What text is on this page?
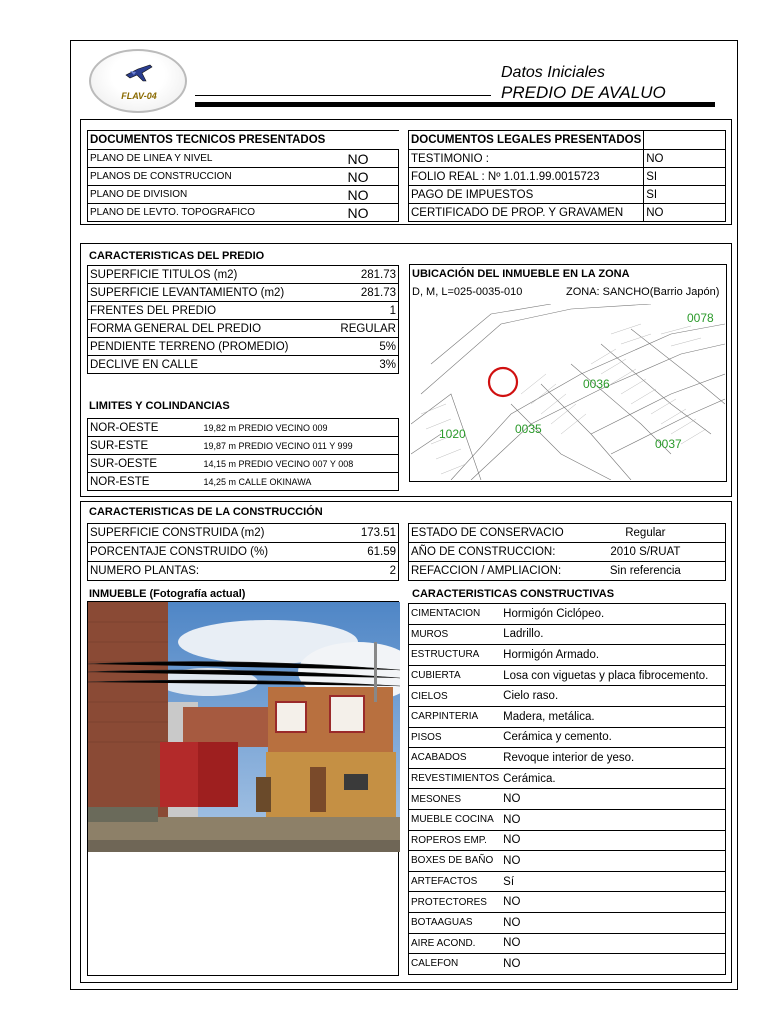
FLAV-04
Datos Iniciales
PREDIO DE AVALUO
DOCUMENTOS TECNICOS PRESENTADOS	
PLANO DE LINEA Y NIVEL	NO
PLANOS DE CONSTRUCCION	NO
PLANO DE DIVISION	NO
PLANO DE LEVTO. TOPOGRAFICO	NO
DOCUMENTOS LEGALES PRESENTADOS	
TESTIMONIO :	NO
FOLIO REAL : Nº 1.01.1.99.0015723	SI
PAGO DE IMPUESTOS	SI
CERTIFICADO DE PROP. Y GRAVAMEN	NO
CARACTERISTICAS DEL PREDIO
SUPERFICIE TITULOS (m2)	281.73
SUPERFICIE LEVANTAMIENTO (m2)	281.73
FRENTES DEL PREDIO	1
FORMA GENERAL DEL PREDIO	REGULAR
PENDIENTE TERRENO (PROMEDIO)	5%
DECLIVE EN CALLE	3%
LIMITES Y COLINDANCIAS
NOR-OESTE	19,82 m PREDIO VECINO 009
SUR-ESTE	19,87 m PREDIO VECINO 011 Y 999
SUR-OESTE	14,15 m PREDIO VECINO 007 Y 008
NOR-ESTE	14,25 m CALLE OKINAWA
UBICACIÓN DEL INMUEBLE EN LA ZONA
D, M, L=025-0035-010	ZONA: SANCHO(Barrio Japón)
0078
0036
1020	0035
0037
CARACTERISTICAS DE LA CONSTRUCCIÓN
SUPERFICIE CONSTRUIDA (m2)	173.51
PORCENTAJE CONSTRUIDO (%)	61.59
NUMERO PLANTAS:	2
ESTADO DE CONSERVACIO	Regular
AÑO DE CONSTRUCCION:	2010 S/RUAT
REFACCION / AMPLIACION:	Sin referencia
INMUEBLE (Fotografía actual)	CARACTERISTICAS CONSTRUCTIVAS
CIMENTACION	Hormigón Ciclópeo.
MUROS	Ladrillo.
ESTRUCTURA	Hormigón Armado.
CUBIERTA	Losa con viguetas y placa fibrocemento.
CIELOS	Cielo raso.
CARPINTERIA	Madera, metálica.
PISOS	Cerámica y cemento.
ACABADOS	Revoque interior de yeso.
REVESTIMIENTOS	Cerámica.
MESONES	NO
MUEBLE COCINA	NO
ROPEROS EMP.	NO
BOXES DE BAÑO	NO
ARTEFACTOS	Sí
PROTECTORES	NO
BOTAAGUAS	NO
AIRE ACOND.	NO
CALEFON	NO
